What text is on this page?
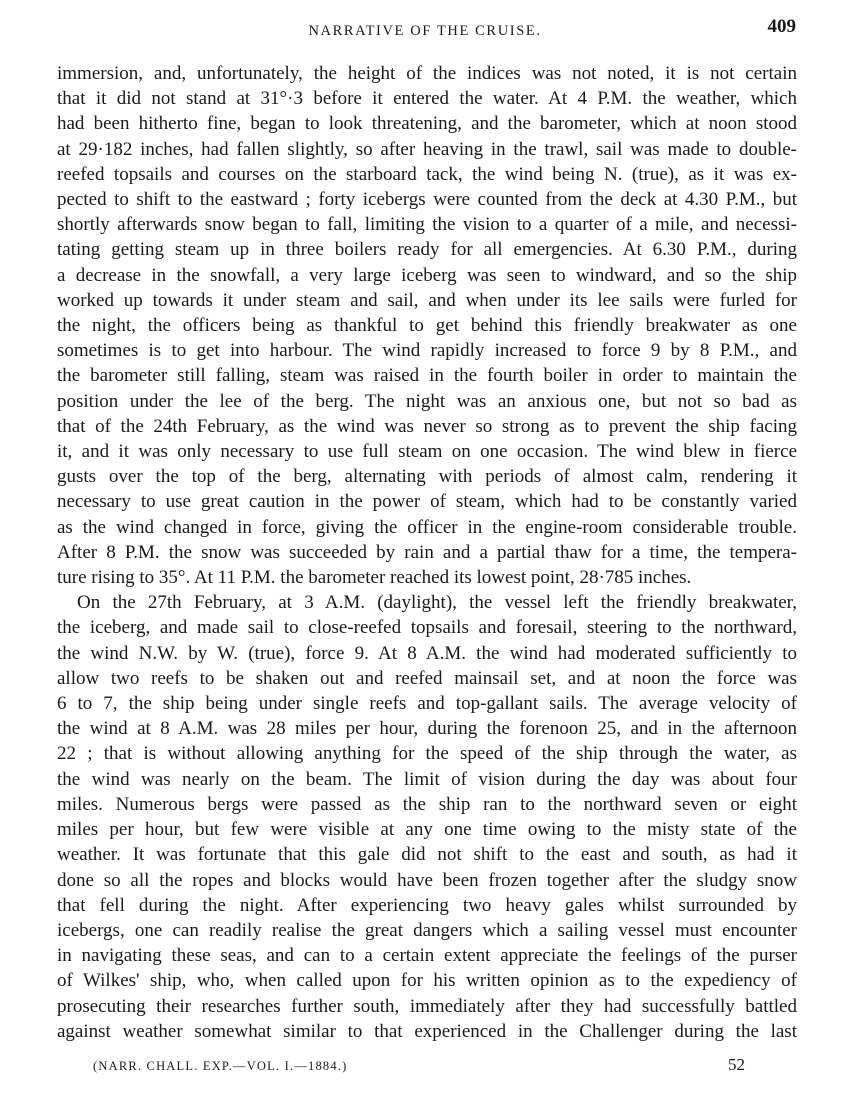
NARRATIVE OF THE CRUISE.	409
immersion, and, unfortunately, the height of the indices was not noted, it is not certain
that it did not stand at 31°·3 before it entered the water. At 4 P.M. the weather, which
had been hitherto fine, began to look threatening, and the barometer, which at noon stood
at 29·182 inches, had fallen slightly, so after heaving in the trawl, sail was made to double-
reefed topsails and courses on the starboard tack, the wind being N. (true), as it was ex-
pected to shift to the eastward ; forty icebergs were counted from the deck at 4.30 P.M., but
shortly afterwards snow began to fall, limiting the vision to a quarter of a mile, and necessi-
tating getting steam up in three boilers ready for all emergencies. At 6.30 P.M., during
a decrease in the snowfall, a very large iceberg was seen to windward, and so the ship
worked up towards it under steam and sail, and when under its lee sails were furled for
the night, the officers being as thankful to get behind this friendly breakwater as one
sometimes is to get into harbour. The wind rapidly increased to force 9 by 8 P.M., and
the barometer still falling, steam was raised in the fourth boiler in order to maintain the
position under the lee of the berg. The night was an anxious one, but not so bad as
that of the 24th February, as the wind was never so strong as to prevent the ship facing
it, and it was only necessary to use full steam on one occasion. The wind blew in fierce
gusts over the top of the berg, alternating with periods of almost calm, rendering it
necessary to use great caution in the power of steam, which had to be constantly varied
as the wind changed in force, giving the officer in the engine-room considerable trouble.
After 8 P.M. the snow was succeeded by rain and a partial thaw for a time, the tempera-
ture rising to 35°. At 11 P.M. the barometer reached its lowest point, 28·785 inches.
On the 27th February, at 3 A.M. (daylight), the vessel left the friendly breakwater,
the iceberg, and made sail to close-reefed topsails and foresail, steering to the northward,
the wind N.W. by W. (true), force 9. At 8 A.M. the wind had moderated sufficiently to
allow two reefs to be shaken out and reefed mainsail set, and at noon the force was
6 to 7, the ship being under single reefs and top-gallant sails. The average velocity of
the wind at 8 A.M. was 28 miles per hour, during the forenoon 25, and in the afternoon
22 ; that is without allowing anything for the speed of the ship through the water, as
the wind was nearly on the beam. The limit of vision during the day was about four
miles. Numerous bergs were passed as the ship ran to the northward seven or eight
miles per hour, but few were visible at any one time owing to the misty state of the
weather. It was fortunate that this gale did not shift to the east and south, as had it
done so all the ropes and blocks would have been frozen together after the sludgy snow
that fell during the night. After experiencing two heavy gales whilst surrounded by
icebergs, one can readily realise the great dangers which a sailing vessel must encounter
in navigating these seas, and can to a certain extent appreciate the feelings of the purser
of Wilkes' ship, who, when called upon for his written opinion as to the expediency of
prosecuting their researches further south, immediately after they had successfully battled
against weather somewhat similar to that experienced in the Challenger during the last
(NARR. CHALL. EXP.—VOL. I.—1884.)	52
